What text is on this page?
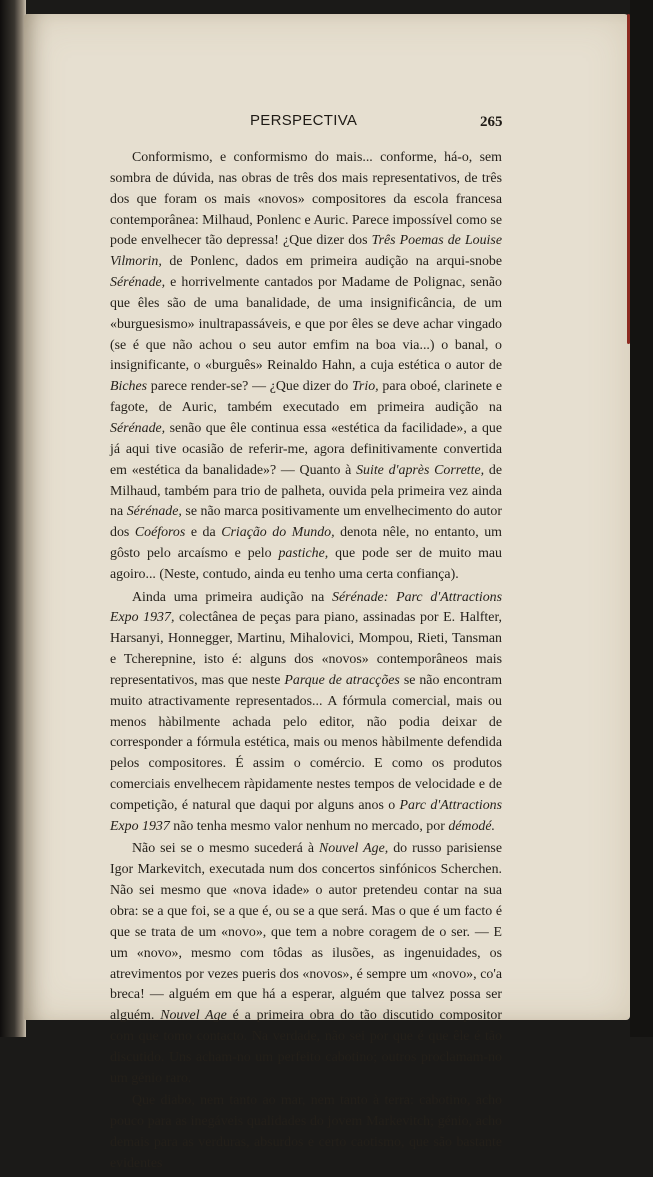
PERSPECTIVA	265

Conformismo, e conformismo do mais... conforme, há-o, sem sombra de dúvida, nas obras de três dos mais representativos, de três dos que foram os mais «novos» compositores da escola francesa contemporânea: Milhaud, Ponlenc e Auric. Parece impossível como se pode envelhecer tão depressa! ¿Que dizer dos Três Poemas de Louise Vilmorin, de Ponlenc, dados em primeira audição na arqui-snobe Sérénade, e horrivelmente cantados por Madame de Polignac, senão que êles são de uma banalidade, de uma insignificância, de um «burguesismo» inultrapassáveis, e que por êles se deve achar vingado (se é que não achou o seu autor emfim na boa via...) o banal, o insignificante, o «burguês» Reinaldo Hahn, a cuja estética o autor de Biches parece render-se? — ¿Que dizer do Trio, para oboé, clarinete e fagote, de Auric, também executado em primeira audição na Sérénade, senão que êle continua essa «estética da facilidade», a que já aqui tive ocasião de referir-me, agora definitivamente convertida em «estética da banalidade»? — Quanto à Suite d'après Corrette, de Milhaud, também para trio de palheta, ouvida pela primeira vez ainda na Sérénade, se não marca positivamente um envelhecimento do autor dos Coéforos e da Criação do Mundo, denota nêle, no entanto, um gôsto pelo arcaísmo e pelo pastiche, que pode ser de muito mau agoiro... (Neste, contudo, ainda eu tenho uma certa confiança).

Ainda uma primeira audição na Sérénade: Parc d'Attractions Expo 1937, colectânea de peças para piano, assinadas por E. Halfter, Harsanyi, Honnegger, Martinu, Mihalovici, Mompou, Rieti, Tansman e Tcherepnine, isto é: alguns dos «novos» contemporâneos mais representativos, mas que neste Parque de atracções se não encontram muito atractivamente representados... A fórmula comercial, mais ou menos hàbilmente achada pelo editor, não podia deixar de corresponder a fórmula estética, mais ou menos hàbilmente defendida pelos compositores. É assim o comércio. E como os produtos comerciais envelhecem ràpidamente nestes tempos de velocidade e de competição, é natural que daqui por alguns anos o Parc d'Attractions Expo 1937 não tenha mesmo valor nenhum no mercado, por démodé.

Não sei se o mesmo sucederá à Nouvel Age, do russo parisiense Igor Markevitch, executada num dos concertos sinfónicos Scherchen. Não sei mesmo que «nova idade» o autor pretendeu contar na sua obra: se a que foi, se a que é, ou se a que será. Mas o que é um facto é que se trata de um «novo», que tem a nobre coragem de o ser. — E um «novo», mesmo com tôdas as ilusões, as ingenuidades, os atrevimentos por vezes pueris dos «novos», é sempre um «novo», co'a breca! — alguém em que há a esperar, alguém que talvez possa ser alguém. Nouvel Age é a primeira obra do tão discutido compositor com que tomo contacto. Na verdade, não sei por que é que êle é tão discutido. Uns acham-no um perfeito cabotino; outros proclamam-no um génio raro.

Que diabo, nem tanto ao mar, nem tanto à terra: cabotino, acho pouco para as inegáveis qualidades do jovem Markevitch; génio, acho demais para as verduras, absurdos e certo caotismo, que são bastante evidentes
